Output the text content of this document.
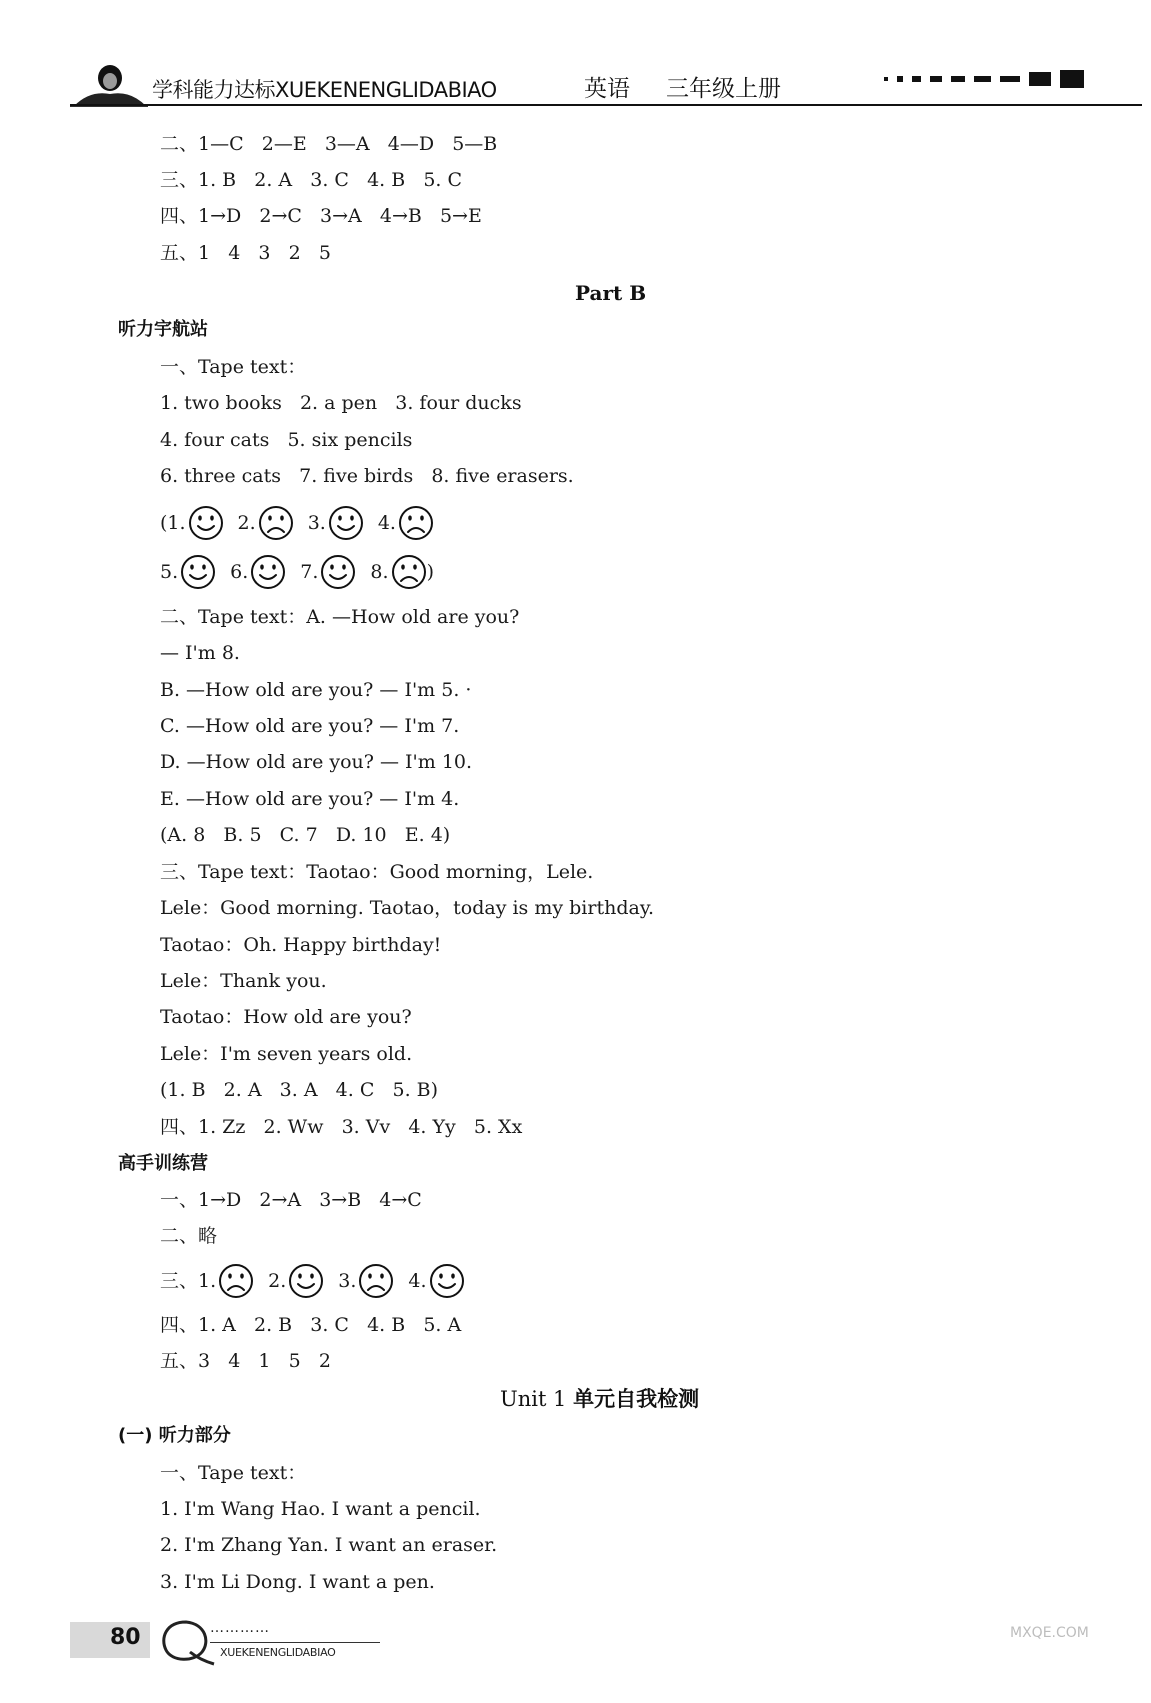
学科能力达标XUEKENENGLIDABIAO	英语 三年级上册
二、1—C   2—E   3—A   4—D   5—B
三、1. B   2. A   3. C   4. B   5. C
四、1→D   2→C   3→A   4→B   5→E
五、1   4   3   2   5
Part B
听力宇航站
一、Tape text：
1. two books   2. a pen   3. four ducks
4. four cats   5. six pencils
6. three cats   7. five birds   8. five erasers.
(1.	2.	3.	4.
5.	6.	7.	8. )
二、Tape text：A. —How old are you?
— I'm 8.
B. —How old are you? — I'm 5. ·
C. —How old are you? — I'm 7.
D. —How old are you? — I'm 10.
E. —How old are you? — I'm 4.
(A. 8   B. 5   C. 7   D. 10   E. 4)
三、Tape text：Taotao：Good morning，Lele.
Lele：Good morning. Taotao，today is my birthday.
Taotao：Oh. Happy birthday!
Lele：Thank you.
Taotao：How old are you?
Lele：I'm seven years old.
(1. B   2. A   3. A   4. C   5. B)
四、1. Zz   2. Ww   3. Vv   4. Yy   5. Xx
高手训练营
一、1→D   2→A   3→B   4→C
二、略
三、1.	2.	3.	4.
四、1. A   2. B   3. C   4. B   5. A
五、3   4   1   5   2
Unit 1 单元自我检测
(一) 听力部分
一、Tape text：
1. I'm Wang Hao. I want a pencil.
2. I'm Zhang Yan. I want an eraser.
3. I'm Li Dong. I want a pen.
80	…………
XUEKENENGLIDABIAO
MXQE.COM
